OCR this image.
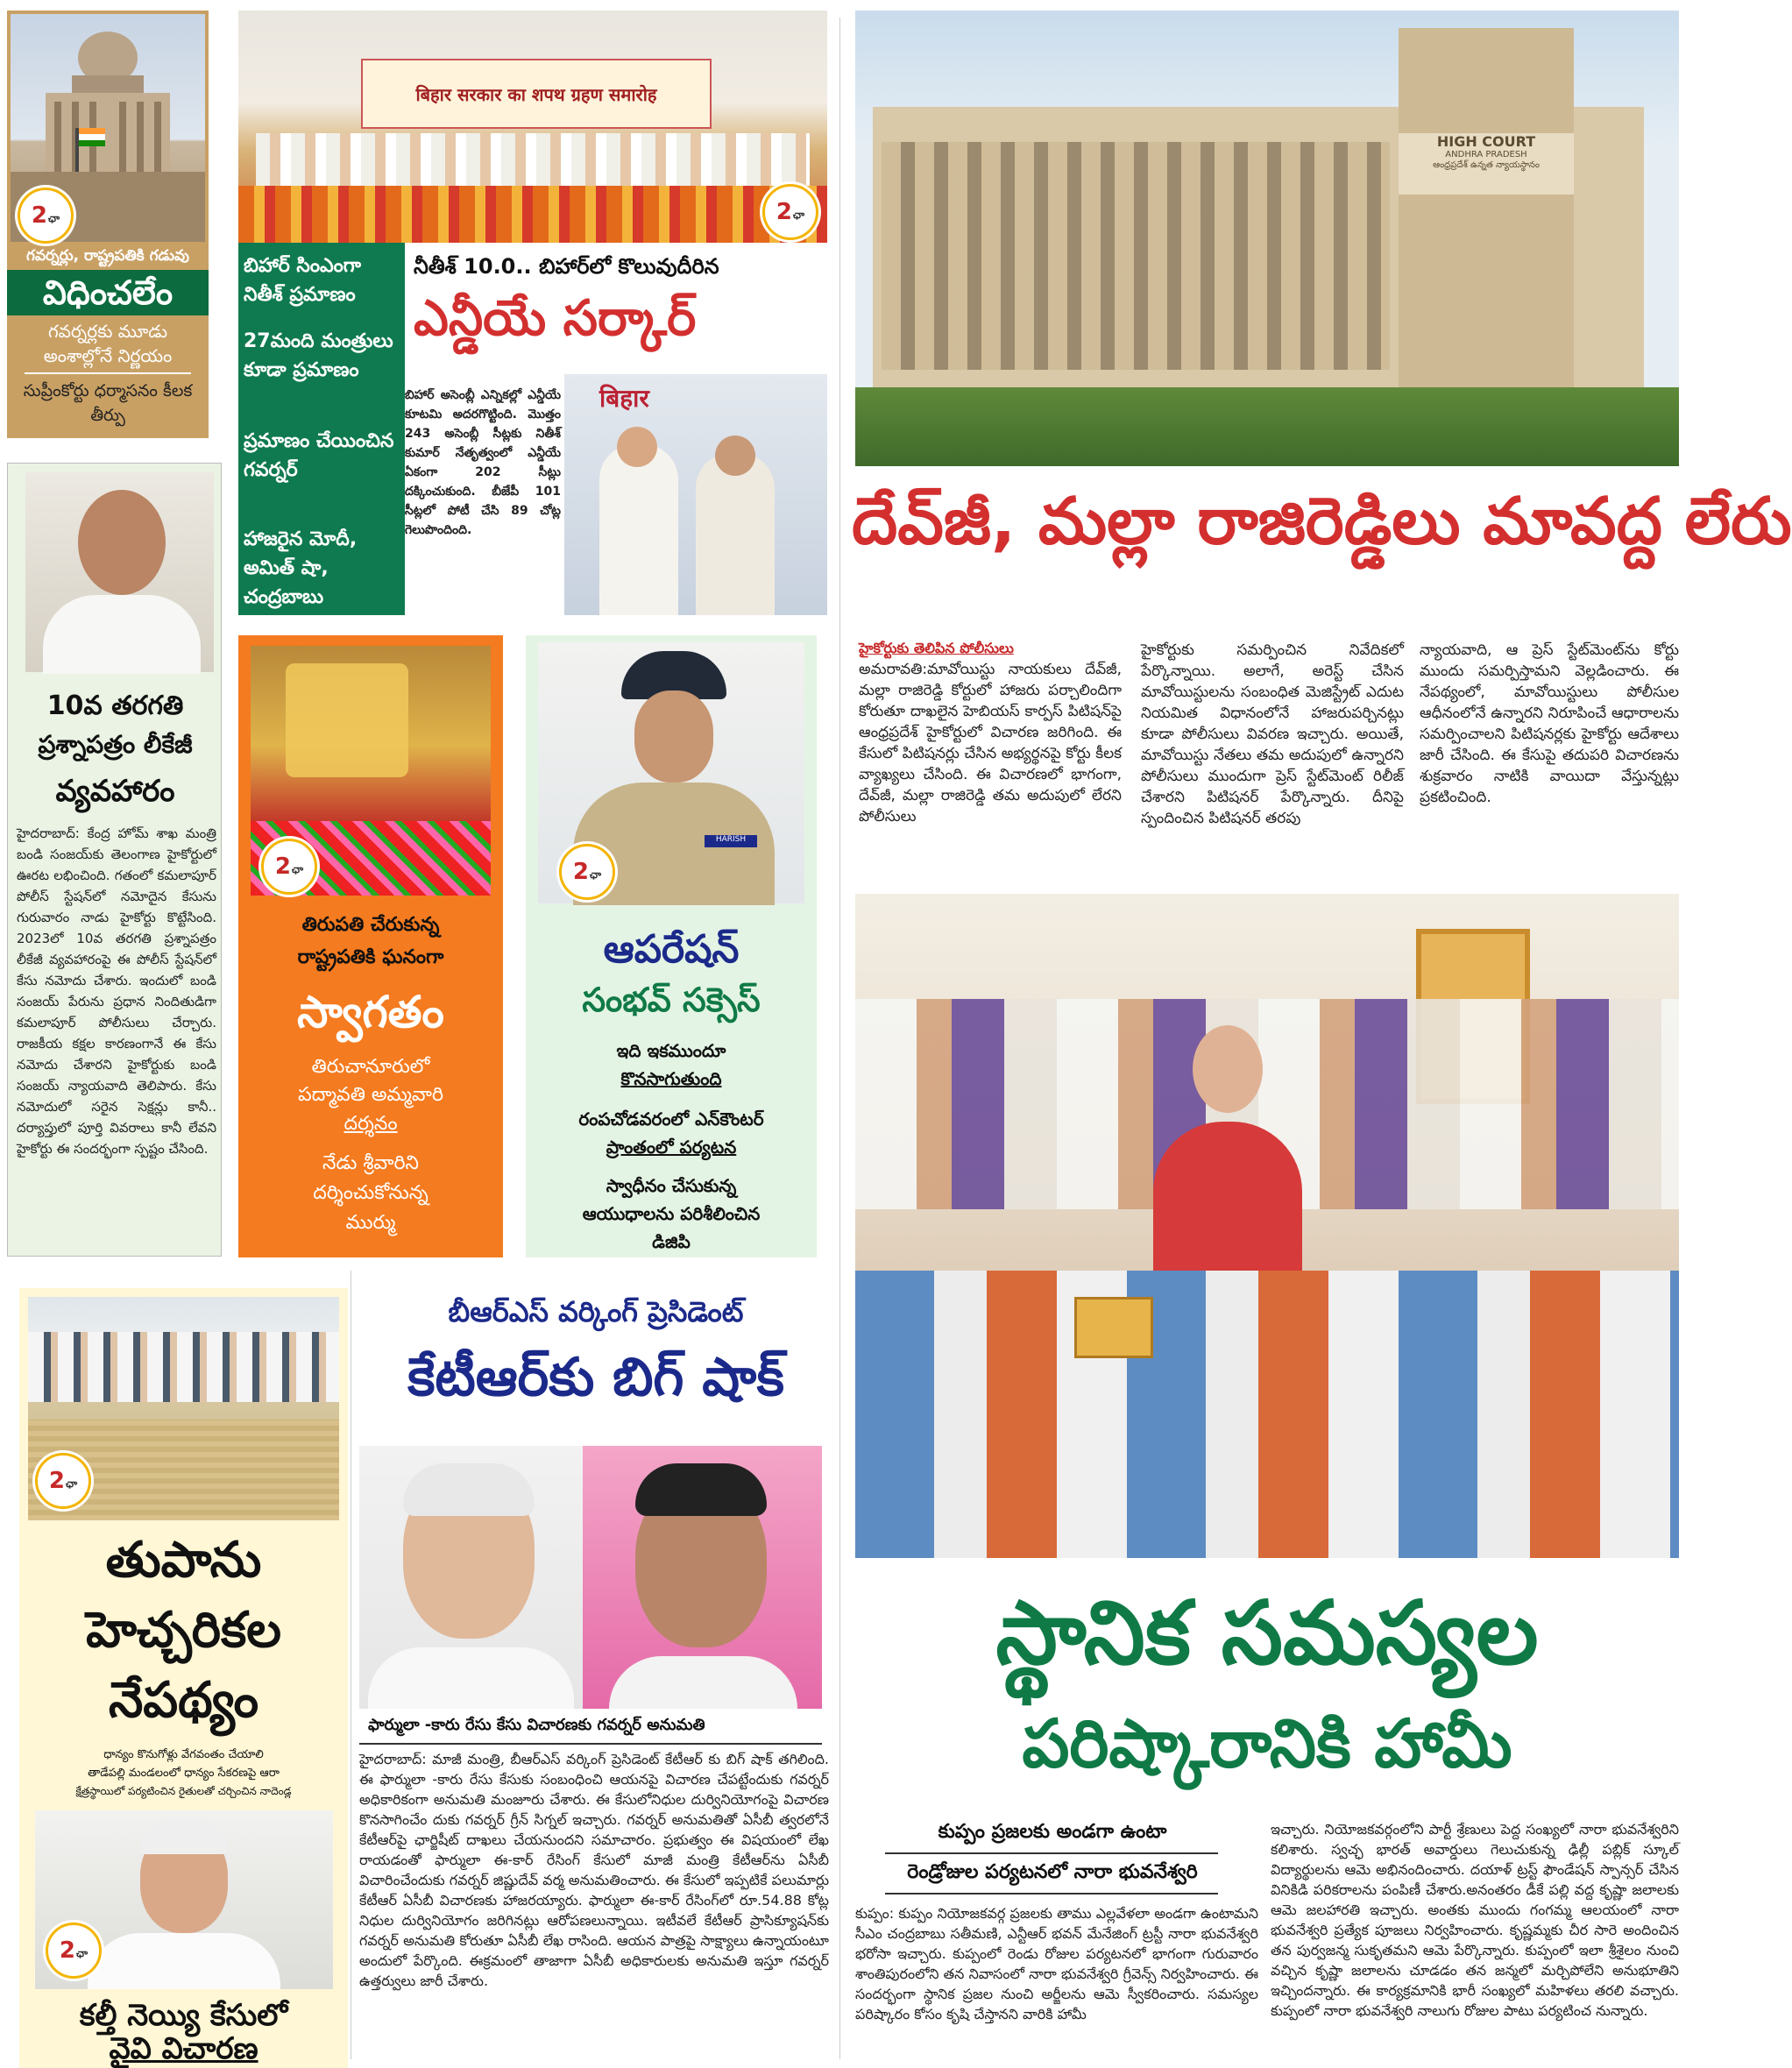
2 ఛా
గవర్నర్లు, రాష్ట్రపతికి గడువు
విధించలేం
గవర్నర్లకు మూడు అంశాల్లోనే నిర్ణయం
సుప్రీంకోర్టు ధర్మాసనం కీలక తీర్పు
बिहार सरकार का शपथ ग्रहण समारोह
2 ఛా
బిహార్ సింఎంగా నితీశ్ ప్రమాణం
27మంది మంత్రులు కూడా ప్రమాణం
ప్రమాణం చేయించిన గవర్నర్
హాజరైన మోదీ, అమిత్ షా, చంద్రబాబు
నీతీశ్ 10.0.. బిహార్‌లో కొలువుదీరిన
ఎన్డీయే సర్కార్
బిహార్ అసెంబ్లీ ఎన్నికల్లో ఎన్డీయే కూటమి అదరగొట్టింది. మొత్తం 243 అసెంబ్లీ సీట్లకు నితీశ్ కుమార్ నేతృత్వంలో ఎన్డీయే ఏకంగా 202 సీట్లు దక్కించుకుంది. బీజేపీ 101 సీట్లలో పోటీ చేసి 89 చోట్ల గెలుపొందింది.
बिहार
HIGH COURT
ANDHRA PRADESH
ఆంధ్రప్రదేశ్ ఉన్నత న్యాయస్థానం
దేవ్‌జీ, మల్లా రాజిరెడ్డిలు మావద్ద లేరు
హైకోర్టుకు తెలిపిన పోలీసులు
అమరావతి:మావోయిస్టు నాయకులు దేవ్‌జీ, మల్లా రాజిరెడ్డి కోర్టులో హాజరు పర్చాలిందిగా కోరుతూ దాఖలైన హెబియస్ కార్పస్ పిటిషన్‌పై ఆంధ్రప్రదేశ్ హైకోర్టులో విచారణ జరిగింది. ఈ కేసులో పిటిషనర్లు చేసిన అభ్యర్థనపై కోర్టు కీలక వ్యాఖ్యలు చేసింది. ఈ విచారణలో భాగంగా, దేవ్‌జీ, మల్లా రాజిరెడ్డి తమ అదుపులో లేరని పోలీసులు
హైకోర్టుకు సమర్పించిన నివేదికలో పేర్కొన్నాయి. అలాగే, అరెస్ట్ చేసిన మావోయిస్టులను సంబంధిత మెజిస్ట్రేట్ ఎదుట నియమిత విధానంలోనే హాజరుపర్చినట్లు కూడా పోలీసులు వివరణ ఇచ్చారు. అయితే, మావోయిస్టు నేతలు తమ అదుపులో ఉన్నారని పోలీసులు ముందుగా ప్రెస్ స్టేట్‌మెంట్ రిలీజ్ చేశారని పిటిషనర్ పేర్కొన్నారు. దీనిపై స్పందించిన పిటిషనర్ తరపు
న్యాయవాది, ఆ ప్రెస్ స్టేట్‌మెంట్‌ను కోర్టు ముందు సమర్పిస్తామని వెల్లడించారు. ఈ నేపథ్యంలో, మావోయిస్టులు పోలీసుల ఆధీనంలోనే ఉన్నారని నిరూపించే ఆధారాలను సమర్పించాలని పిటిషనర్లకు హైకోర్టు ఆదేశాలు జారీ చేసింది. ఈ కేసుపై తదుపరి విచారణను శుక్రవారం నాటికి వాయిదా వేస్తున్నట్లు ప్రకటించింది.
10వ తరగతి
ప్రశ్నాపత్రం లీకేజీ
వ్యవహారం
హైదరాబాద్: కేంద్ర హోమ్ శాఖ మంత్రి బండి సంజయ్‌కు తెలంగాణ హైకోర్టులో ఊరట లభించింది. గతంలో కమలాపూర్ పోలీస్ స్టేషన్‌లో నమోదైన కేసును గురువారం నాడు హైకోర్టు కొట్టేసింది. 2023లో 10వ తరగతి ప్రశ్నాపత్రం లీకేజీ వ్యవహారంపై ఈ పోలీస్ స్టేషన్‌లో కేసు నమోదు చేశారు. ఇందులో బండి సంజయ్ పేరును ప్రధాన నిందితుడిగా కమలాపూర్ పోలీసులు చేర్చారు. రాజకీయ కక్షల కారణంగానే ఈ కేసు నమోదు చేశారని హైకోర్టుకు బండి సంజయ్ న్యాయవాది తెలిపారు. కేసు నమోదులో సరైన సెక్షన్లు కానీ.. దర్యాప్తులో పూర్తి వివరాలు కానీ లేవని హైకోర్టు ఈ సందర్భంగా స్పష్టం చేసింది.
2 ఛా
తిరుపతి చేరుకున్న
రాష్ట్రపతికి ఘనంగా
స్వాగతం
తిరుచానూరులో
పద్మావతి అమ్మవారి
దర్శనం
నేడు శ్రీవారిని
దర్శించుకోనున్న
ముర్ము
HARISH
2 ఛా
ఆపరేషన్
సంభవ్ సక్సెస్
ఇది ఇకముందూ
కొనసాగుతుంది
రంపచోడవరంలో ఎన్‌కౌంటర్
ప్రాంతంలో పర్యటన
స్వాధీనం చేసుకున్న
ఆయుధాలను పరిశీలించిన
డిజిపి
స్థానిక సమస్యల
పరిష్కారానికి హామీ
కుప్పం ప్రజలకు అండగా ఉంటా
రెండ్రోజుల పర్యటనలో నారా భువనేశ్వరి
కుప్పం: కుప్పం నియోజకవర్గ ప్రజలకు తాము ఎల్లవేళలా అండగా ఉంటామని సీఎం చంద్రబాబు సతీమణి, ఎన్టీఆర్ భవన్ మేనేజింగ్ ట్రస్టీ నారా భువనేశ్వరి భరోసా ఇచ్చారు. కుప్పంలో రెండు రోజుల పర్యటనలో భాగంగా గురువారం శాంతిపురంలోని తన నివాసంలో నారా భువనేశ్వరి గ్రీవెన్స్ నిర్వహించారు. ఈ సందర్భంగా స్థానిక ప్రజల నుంచి అర్జీలను ఆమె స్వీకరించారు. సమస్యల పరిష్కారం కోసం కృషి చేస్తానని వారికి హామీ
ఇచ్చారు. నియోజకవర్గంలోని పార్టీ శ్రేణులు పెద్ద సంఖ్యలో నారా భువనేశ్వరిని కలిశారు. స్వచ్ఛ భారత్ అవార్డులు గెలుచుకున్న ఢిల్లీ పబ్లిక్ స్కూల్ విద్యార్థులను ఆమె అభినందించారు. దయాళ్ ట్రస్ట్ ఫౌండేషన్ స్పాన్సర్ చేసిన వినికిడి పరికరాలను పంపిణీ చేశారు.అనంతరం డీకే పల్లి వద్ద కృష్ణా జలాలకు ఆమె జలహారతి ఇచ్చారు. అంతకు ముందు గంగమ్మ ఆలయంలో నారా భువనేశ్వరి ప్రత్యేక పూజలు నిర్వహించారు. కృష్ణమ్మకు చీర సారె అందించిన తన పుర్వజన్మ సుకృతమని ఆమె పేర్కొన్నారు. కుప్పంలో ఇలా శ్రీశైలం నుంచి వచ్చిన కృష్ణా జలాలను చూడడం తన జన్మలో మర్చిపోలేని అనుభూతిని ఇచ్చిందన్నారు. ఈ కార్యక్రమానికి భారీ సంఖ్యలో మహిళలు తరలి వచ్చారు. కుప్పంలో నారా భువనేశ్వరి నాలుగు రోజుల పాటు పర్యటించ నున్నారు.
బీఆర్ఎస్ వర్కింగ్ ప్రెసిడెంట్
కేటీఆర్‌కు బిగ్ షాక్
ఫార్ములా -కారు రేసు కేసు విచారణకు గవర్నర్ అనుమతి
హైదరాబాద్: మాజీ మంత్రి, బీఆర్ఎస్ వర్కింగ్ ప్రెసిడెంట్ కేటీఆర్ కు బిగ్ షాక్ తగిలింది. ఈ ఫార్ములా -కారు రేసు కేసుకు సంబంధించి ఆయనపై విచారణ చేపట్టేందుకు గవర్నర్ అధికారికంగా అనుమతి మంజూరు చేశారు. ఈ కేసులోనిధుల దుర్వినియోగంపై విచారణ కొనసాగించేం దుకు గవర్నర్ గ్రీన్ సిగ్నల్ ఇచ్చారు. గవర్నర్ అనుమతితో ఏసీబీ త్వరలోనే కేటీఆర్‌పై ఛార్జిషీట్ దాఖలు చేయనుందని సమాచారం. ప్రభుత్వం ఈ విషయంలో లేఖ రాయడంతో ఫార్ములా ఈ-కార్ రేసింగ్ కేసులో మాజీ మంత్రి కేటీఆర్‌ను ఏసీబీ విచారించేందుకు గవర్నర్ జిష్ణుదేవ్ వర్మ అనుమతించారు. ఈ కేసులో ఇప్పటికే పలుమార్లు కేటీఆర్ ఏసీబీ విచారణకు హాజరయ్యారు. ఫార్ములా ఈ-కార్ రేసింగ్‌లో రూ.54.88 కోట్ల నిధుల దుర్వినియోగం జరిగినట్లు ఆరోపణలున్నాయి. ఇటీవలే కేటీఆర్ ప్రాసిక్యూషన్‌కు గవర్నర్ అనుమతి కోరుతూ ఏసీబీ లేఖ రాసింది. ఆయన పాత్రపై సాక్ష్యాలు ఉన్నాయంటూ అందులో పేర్కొంది. ఈక్రమంలో తాజాగా ఏసీబీ అధికారులకు అనుమతి ఇస్తూ గవర్నర్ ఉత్తర్వులు జారీ చేశారు.
2 ఛా
తుపాను
హెచ్చరికల
నేపథ్యం
ధాన్యం కొనుగోళ్లు వేగవంతం చేయాలి
తాడేపల్లి మండలంలో ధాన్యం సేకరణపై ఆరా
క్షేత్రస్థాయిలో పర్యటించిన రైతులతో చర్చించిన నాదెండ్ల
2 ఛా
కల్తీ నెయ్యి కేసులో
వైవి విచారణ
